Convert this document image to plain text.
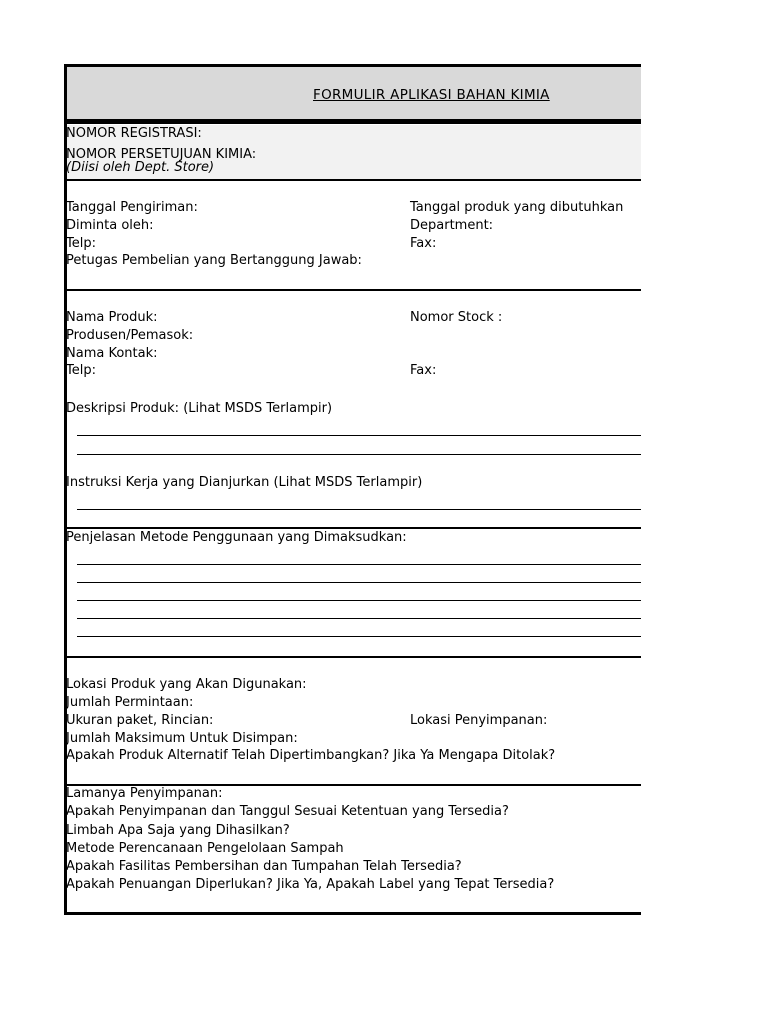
FORMULIR APLIKASI BAHAN KIMIA
NOMOR REGISTRASI:
NOMOR PERSETUJUAN KIMIA:
(Diisi oleh Dept. Store)
Tanggal Pengiriman:	Tanggal produk yang dibutuhkan
Diminta oleh:	Department:
Telp:	Fax:
Petugas Pembelian yang Bertanggung Jawab:
Nama Produk:	Nomor Stock :
Produsen/Pemasok:
Nama Kontak:
Telp:	Fax:
Deskripsi Produk: (Lihat MSDS Terlampir)
Instruksi Kerja yang Dianjurkan (Lihat MSDS Terlampir)
Penjelasan Metode Penggunaan yang Dimaksudkan:
Lokasi Produk yang Akan Digunakan:
Jumlah Permintaan:
Ukuran paket, Rincian:	Lokasi Penyimpanan:
Jumlah Maksimum Untuk Disimpan:
Apakah Produk Alternatif Telah Dipertimbangkan? Jika Ya Mengapa Ditolak?
Lamanya Penyimpanan:
Apakah Penyimpanan dan Tanggul Sesuai Ketentuan yang Tersedia?
Limbah Apa Saja yang Dihasilkan?
Metode Perencanaan Pengelolaan Sampah
Apakah Fasilitas Pembersihan dan Tumpahan Telah Tersedia?
Apakah Penuangan Diperlukan? Jika Ya, Apakah Label yang Tepat Tersedia?
